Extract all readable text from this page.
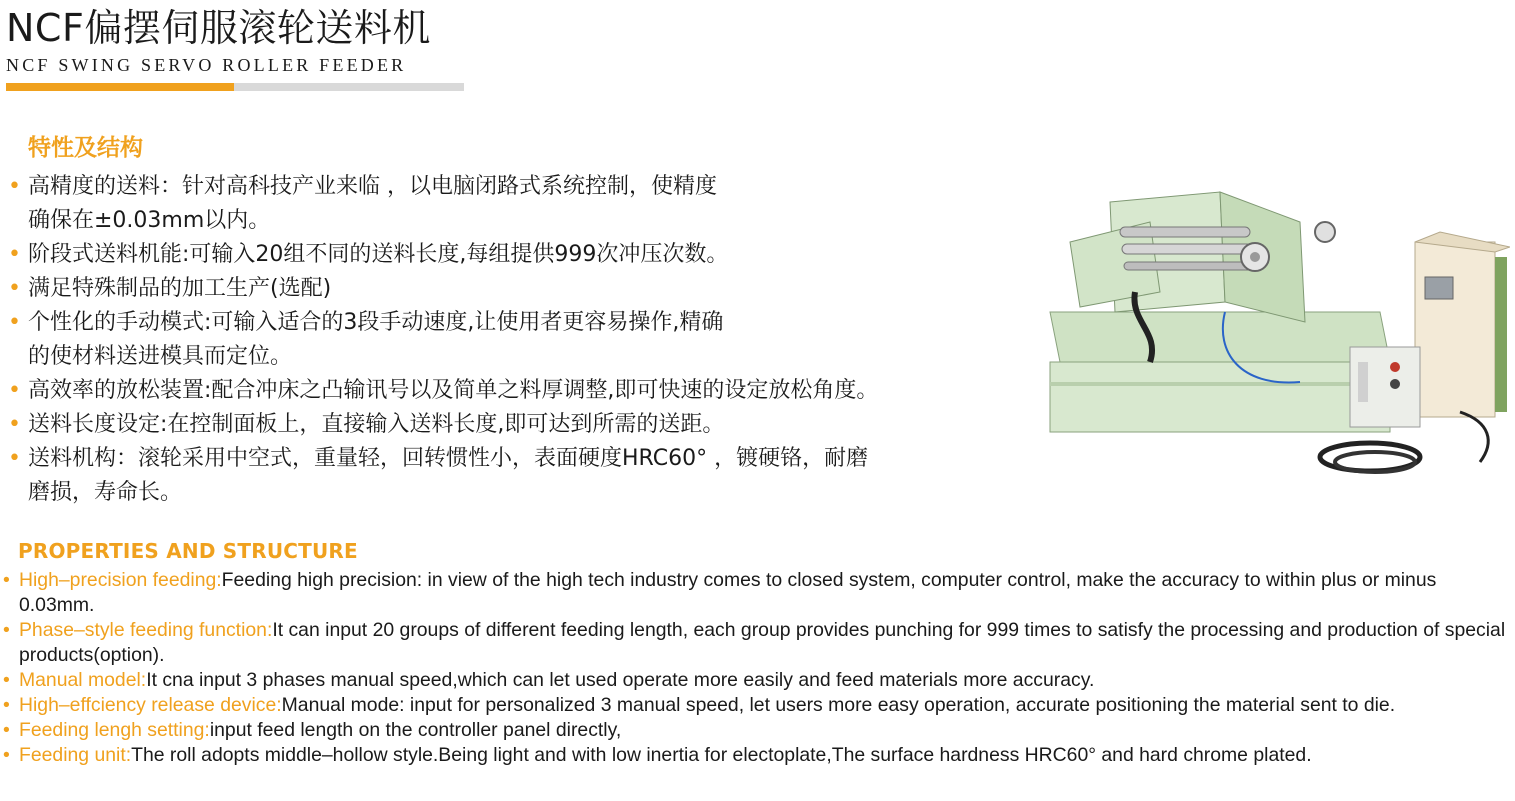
NCF偏摆伺服滚轮送料机
NCF SWING SERVO ROLLER FEEDER
特性及结构
• 高精度的送料：针对高科技产业来临 ，以电脑闭路式系统控制，使精度
确保在±0.03mm以内。
• 阶段式送料机能:可输入20组不同的送料长度,每组提供999次冲压次数。
• 满足特殊制品的加工生产(选配)
• 个性化的手动模式:可输入适合的3段手动速度,让使用者更容易操作,精确
的使材料送进模具而定位。
• 高效率的放松装置:配合冲床之凸输讯号以及简单之料厚调整,即可快速的设定放松角度。
• 送料长度设定:在控制面板上，直接输入送料长度,即可达到所需的送距。
• 送料机构：滚轮采用中空式，重量轻，回转惯性小，表面硬度HRC60° ，镀硬铬，耐磨
磨损，寿命长。
PROPERTIES AND STRUCTURE
• High–precision feeding:Feeding high precision: in view of the high tech industry comes to closed system, computer control, make the accuracy to within plus or minus 0.03mm.
• Phase–style feeding function:It can input 20 groups of different feeding length, each group provides punching for 999 times to satisfy the processing and production of special products(option).
• Manual model:It cna input 3 phases manual speed,which can let used operate more easily and feed materials more accuracy.
• High–effciency release device:Manual mode: input for personalized 3 manual speed, let users more easy operation, accurate positioning the material sent to die.
• Feeding lengh setting:input feed length on the controller panel directly,
• Feeding unit:The roll adopts middle–hollow style.Being light and with low inertia for electoplate,The surface hardness HRC60° and hard chrome plated.
